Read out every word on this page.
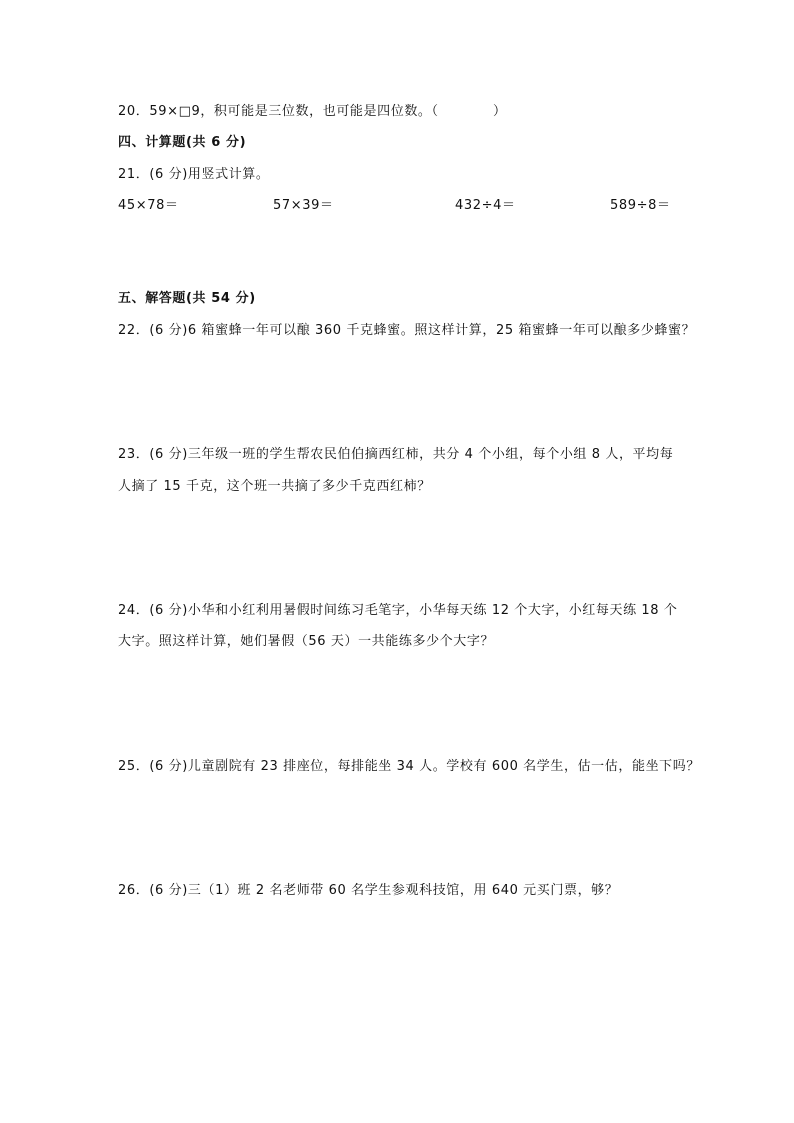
20．59×□9，积可能是三位数，也可能是四位数。（　　　　）
四、计算题(共 6 分)
21．(6 分)用竖式计算。
45×78＝	57×39＝	432÷4＝	589÷8＝
五、解答题(共 54 分)
22．(6 分)6 箱蜜蜂一年可以酿 360 千克蜂蜜。照这样计算，25 箱蜜蜂一年可以酿多少蜂蜜？
23．(6 分)三年级一班的学生帮农民伯伯摘西红柿，共分 4 个小组，每个小组 8 人，平均每
人摘了 15 千克，这个班一共摘了多少千克西红柿？
24．(6 分)小华和小红利用暑假时间练习毛笔字，小华每天练 12 个大字，小红每天练 18 个
大字。照这样计算，她们暑假（56 天）一共能练多少个大字？
25．(6 分)儿童剧院有 23 排座位，每排能坐 34 人。学校有 600 名学生，估一估，能坐下吗？
26．(6 分)三（1）班 2 名老师带 60 名学生参观科技馆，用 640 元买门票，够？
